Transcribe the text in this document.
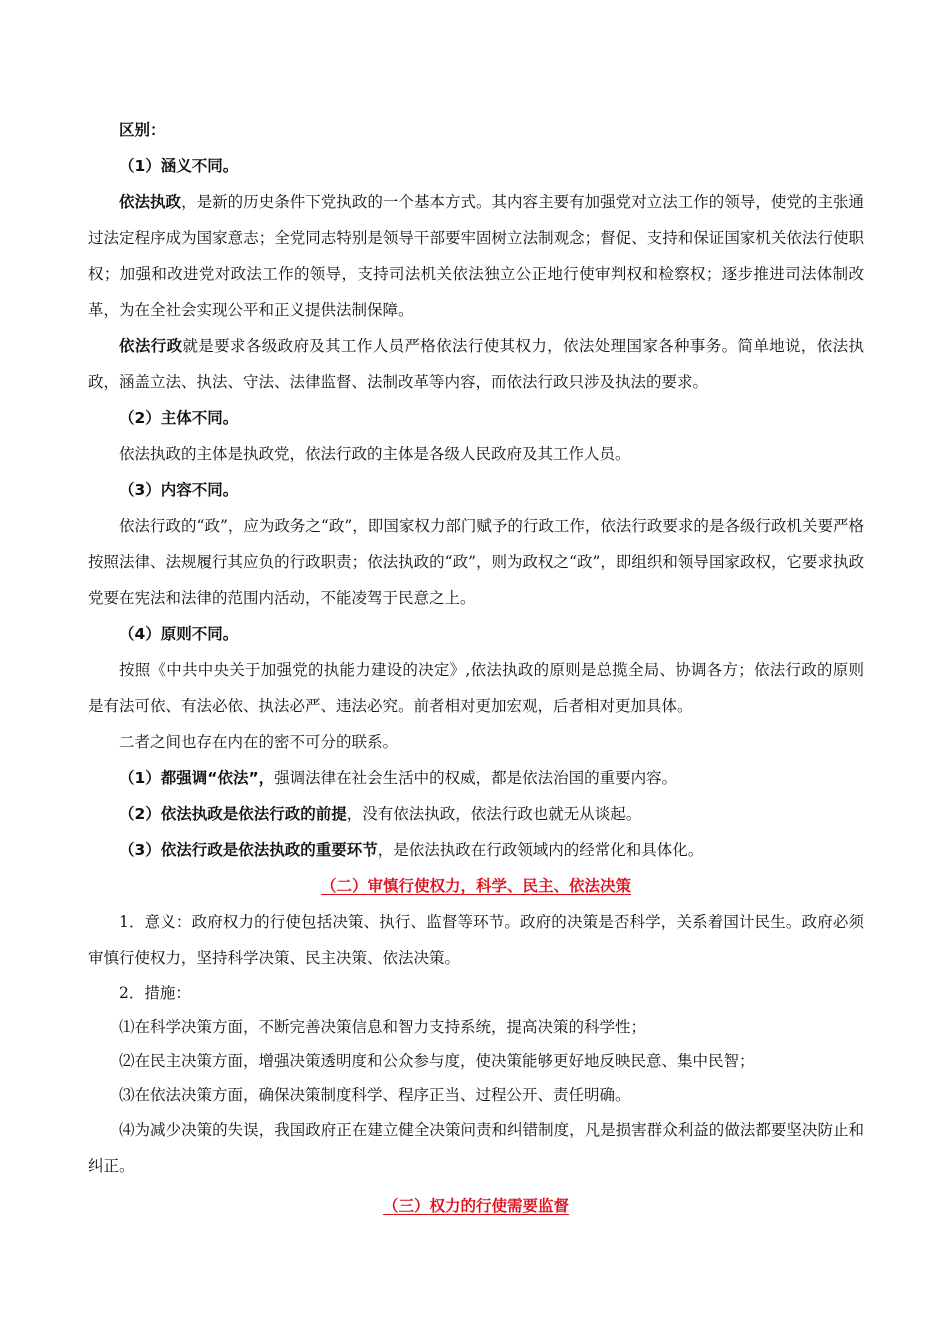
区别：

（1）涵义不同。

依法执政，是新的历史条件下党执政的一个基本方式。其内容主要有加强党对立法工作的领导，使党的主张通过法定程序成为国家意志；全党同志特别是领导干部要牢固树立法制观念；督促、支持和保证国家机关依法行使职权；加强和改进党对政法工作的领导，支持司法机关依法独立公正地行使审判权和检察权；逐步推进司法体制改革，为在全社会实现公平和正义提供法制保障。

依法行政就是要求各级政府及其工作人员严格依法行使其权力，依法处理国家各种事务。简单地说，依法执政，涵盖立法、执法、守法、法律监督、法制改革等内容，而依法行政只涉及执法的要求。

（2）主体不同。

依法执政的主体是执政党，依法行政的主体是各级人民政府及其工作人员。

（3）内容不同。

依法行政的“政”，应为政务之“政”，即国家权力部门赋予的行政工作，依法行政要求的是各级行政机关要严格按照法律、法规履行其应负的行政职责；依法执政的“政”，则为政权之“政”，即组织和领导国家政权，它要求执政党要在宪法和法律的范围内活动，不能凌驾于民意之上。

（4）原则不同。

按照《中共中央关于加强党的执能力建设的决定》,依法执政的原则是总揽全局、协调各方；依法行政的原则是有法可依、有法必依、执法必严、违法必究。前者相对更加宏观，后者相对更加具体。

二者之间也存在内在的密不可分的联系。

（1）都强调“依法”，强调法律在社会生活中的权威，都是依法治国的重要内容。

（2）依法执政是依法行政的前提，没有依法执政，依法行政也就无从谈起。

（3）依法行政是依法执政的重要环节，是依法执政在行政领域内的经常化和具体化。

（二）审慎行使权力，科学、民主、依法决策

1．意义：政府权力的行使包括决策、执行、监督等环节。政府的决策是否科学，关系着国计民生。政府必须审慎行使权力，坚持科学决策、民主决策、依法决策。

2．措施：

⑴在科学决策方面，不断完善决策信息和智力支持系统，提高决策的科学性；

⑵在民主决策方面，增强决策透明度和公众参与度，使决策能够更好地反映民意、集中民智；

⑶在依法决策方面，确保决策制度科学、程序正当、过程公开、责任明确。

⑷为减少决策的失误，我国政府正在建立健全决策问责和纠错制度，凡是损害群众利益的做法都要坚决防止和纠正。

（三）权力的行使需要监督
